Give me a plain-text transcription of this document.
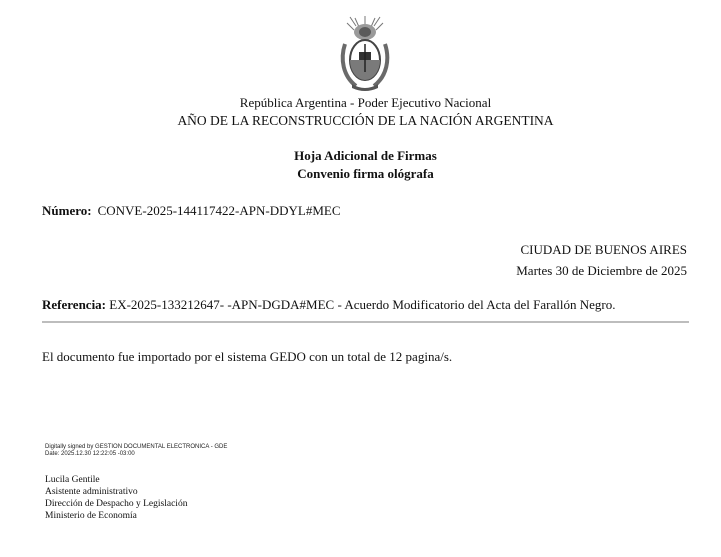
República Argentina - Poder Ejecutivo Nacional
AÑO DE LA RECONSTRUCCIÓN DE LA NACIÓN ARGENTINA
Hoja Adicional de Firmas
Convenio firma ológrafa
Número: CONVE-2025-144117422-APN-DDYL#MEC
CIUDAD DE BUENOS AIRES
Martes 30 de Diciembre de 2025
Referencia: EX-2025-133212647- -APN-DGDA#MEC - Acuerdo Modificatorio del Acta del Farallón Negro.
El documento fue importado por el sistema GEDO con un total de 12 pagina/s.
Digitally signed by GESTION DOCUMENTAL ELECTRONICA - GDE
Date: 2025.12.30 12:22:05 -03:00
Lucila Gentile
Asistente administrativo
Dirección de Despacho y Legislación
Ministerio de Economía
